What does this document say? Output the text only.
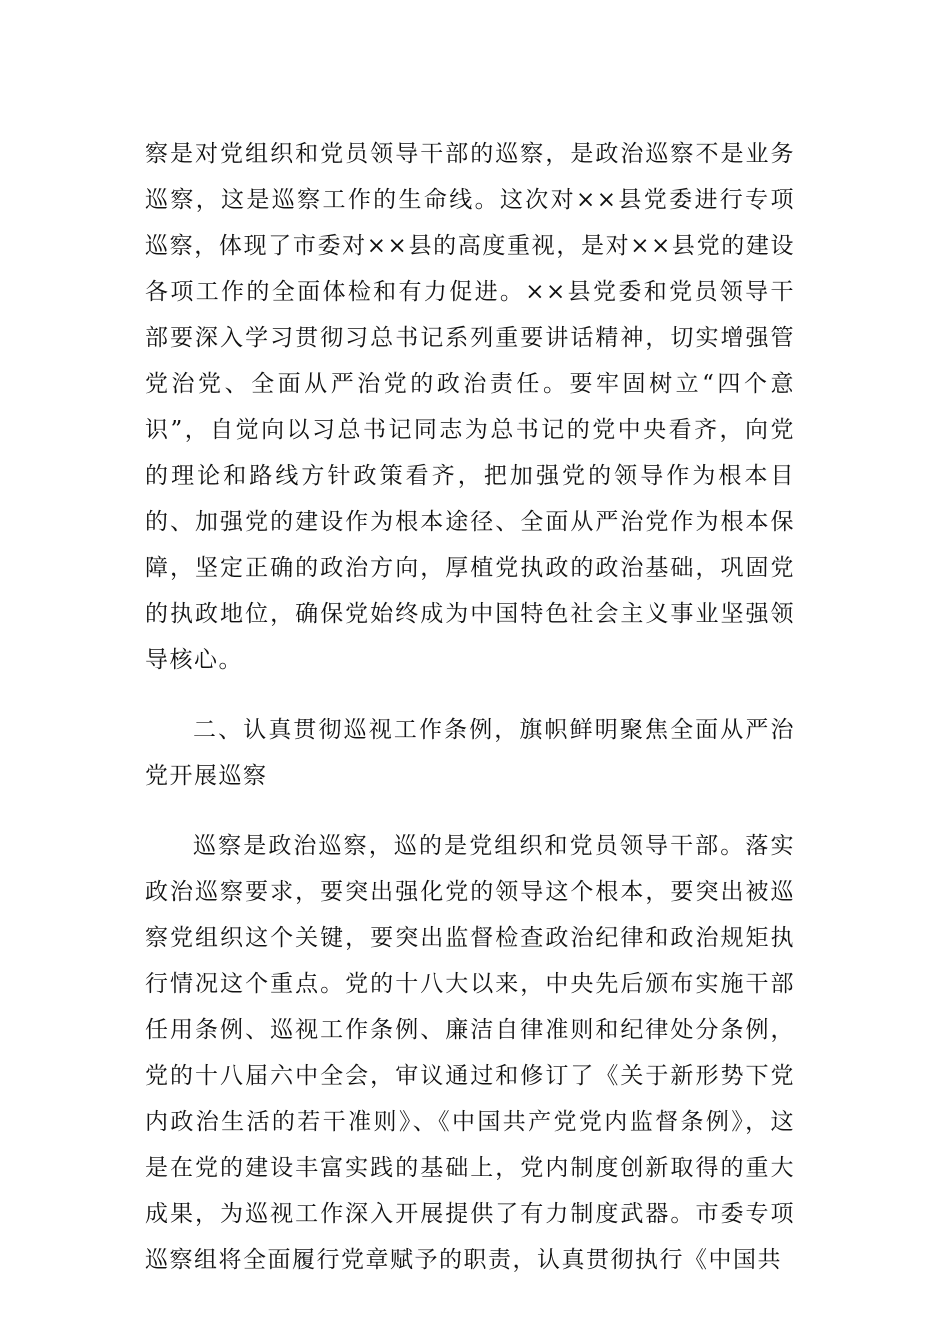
察是对党组织和党员领导干部的巡察，是政治巡察不是业务巡察，这是巡察工作的生命线。这次对××县党委进行专项巡察，体现了市委对××县的高度重视，是对××县党的建设各项工作的全面体检和有力促进。××县党委和党员领导干部要深入学习贯彻习总书记系列重要讲话精神，切实增强管党治党、全面从严治党的政治责任。要牢固树立“四个意识”，自觉向以习总书记同志为总书记的党中央看齐，向党的理论和路线方针政策看齐，把加强党的领导作为根本目的、加强党的建设作为根本途径、全面从严治党作为根本保障，坚定正确的政治方向，厚植党执政的政治基础，巩固党的执政地位，确保党始终成为中国特色社会主义事业坚强领导核心。

二、认真贯彻巡视工作条例，旗帜鲜明聚焦全面从严治党开展巡察

巡察是政治巡察，巡的是党组织和党员领导干部。落实政治巡察要求，要突出强化党的领导这个根本，要突出被巡察党组织这个关键，要突出监督检查政治纪律和政治规矩执行情况这个重点。党的十八大以来，中央先后颁布实施干部任用条例、巡视工作条例、廉洁自律准则和纪律处分条例，党的十八届六中全会，审议通过和修订了《关于新形势下党内政治生活的若干准则》、《中国共产党党内监督条例》，这是在党的建设丰富实践的基础上，党内制度创新取得的重大成果，为巡视工作深入开展提供了有力制度武器。市委专项巡察组将全面履行党章赋予的职责，认真贯彻执行《中国共
